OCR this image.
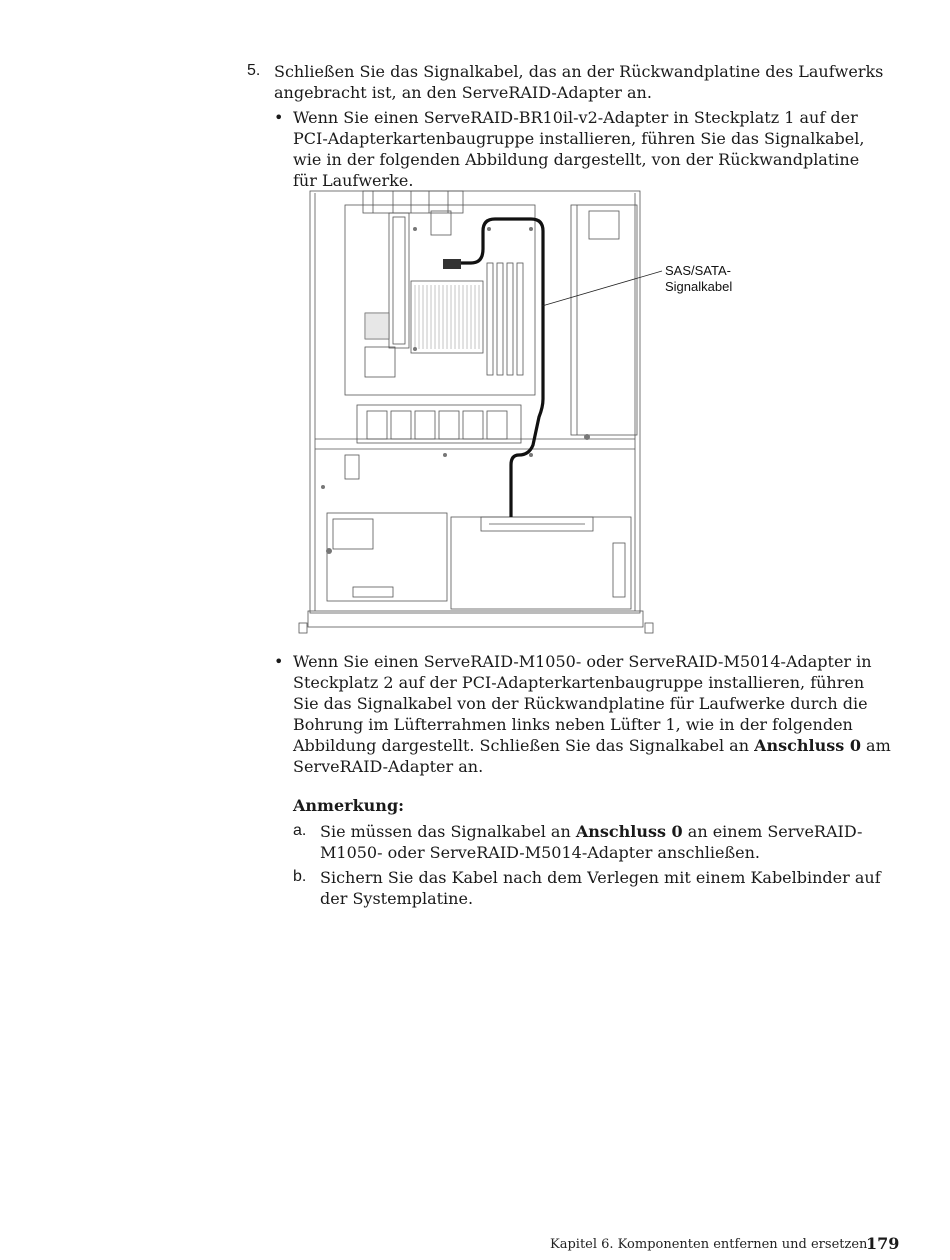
5. Schließen Sie das Signalkabel, das an der Rückwandplatine des Laufwerks angebracht ist, an den ServeRAID-Adapter an.

• Wenn Sie einen ServeRAID-BR10il-v2-Adapter in Steckplatz 1 auf der PCI-Adapterkartenbaugruppe installieren, führen Sie das Signalkabel, wie in der folgenden Abbildung dargestellt, von der Rückwandplatine für Laufwerke.

SAS/SATA-
Signalkabel
• Wenn Sie einen ServeRAID-M1050- oder ServeRAID-M5014-Adapter in Steckplatz 2 auf der PCI-Adapterkartenbaugruppe installieren, führen Sie das Signalkabel von der Rückwandplatine für Laufwerke durch die Bohrung im Lüfterrahmen links neben Lüfter 1, wie in der folgenden Abbildung dargestellt. Schließen Sie das Signalkabel an Anschluss 0 am ServeRAID-Adapter an.

Anmerkung:
a. Sie müssen das Signalkabel an Anschluss 0 an einem ServeRAID-M1050- oder ServeRAID-M5014-Adapter anschließen.

b. Sichern Sie das Kabel nach dem Verlegen mit einem Kabelbinder auf der Systemplatine.

Kapitel 6. Komponenten entfernen und ersetzen
179
